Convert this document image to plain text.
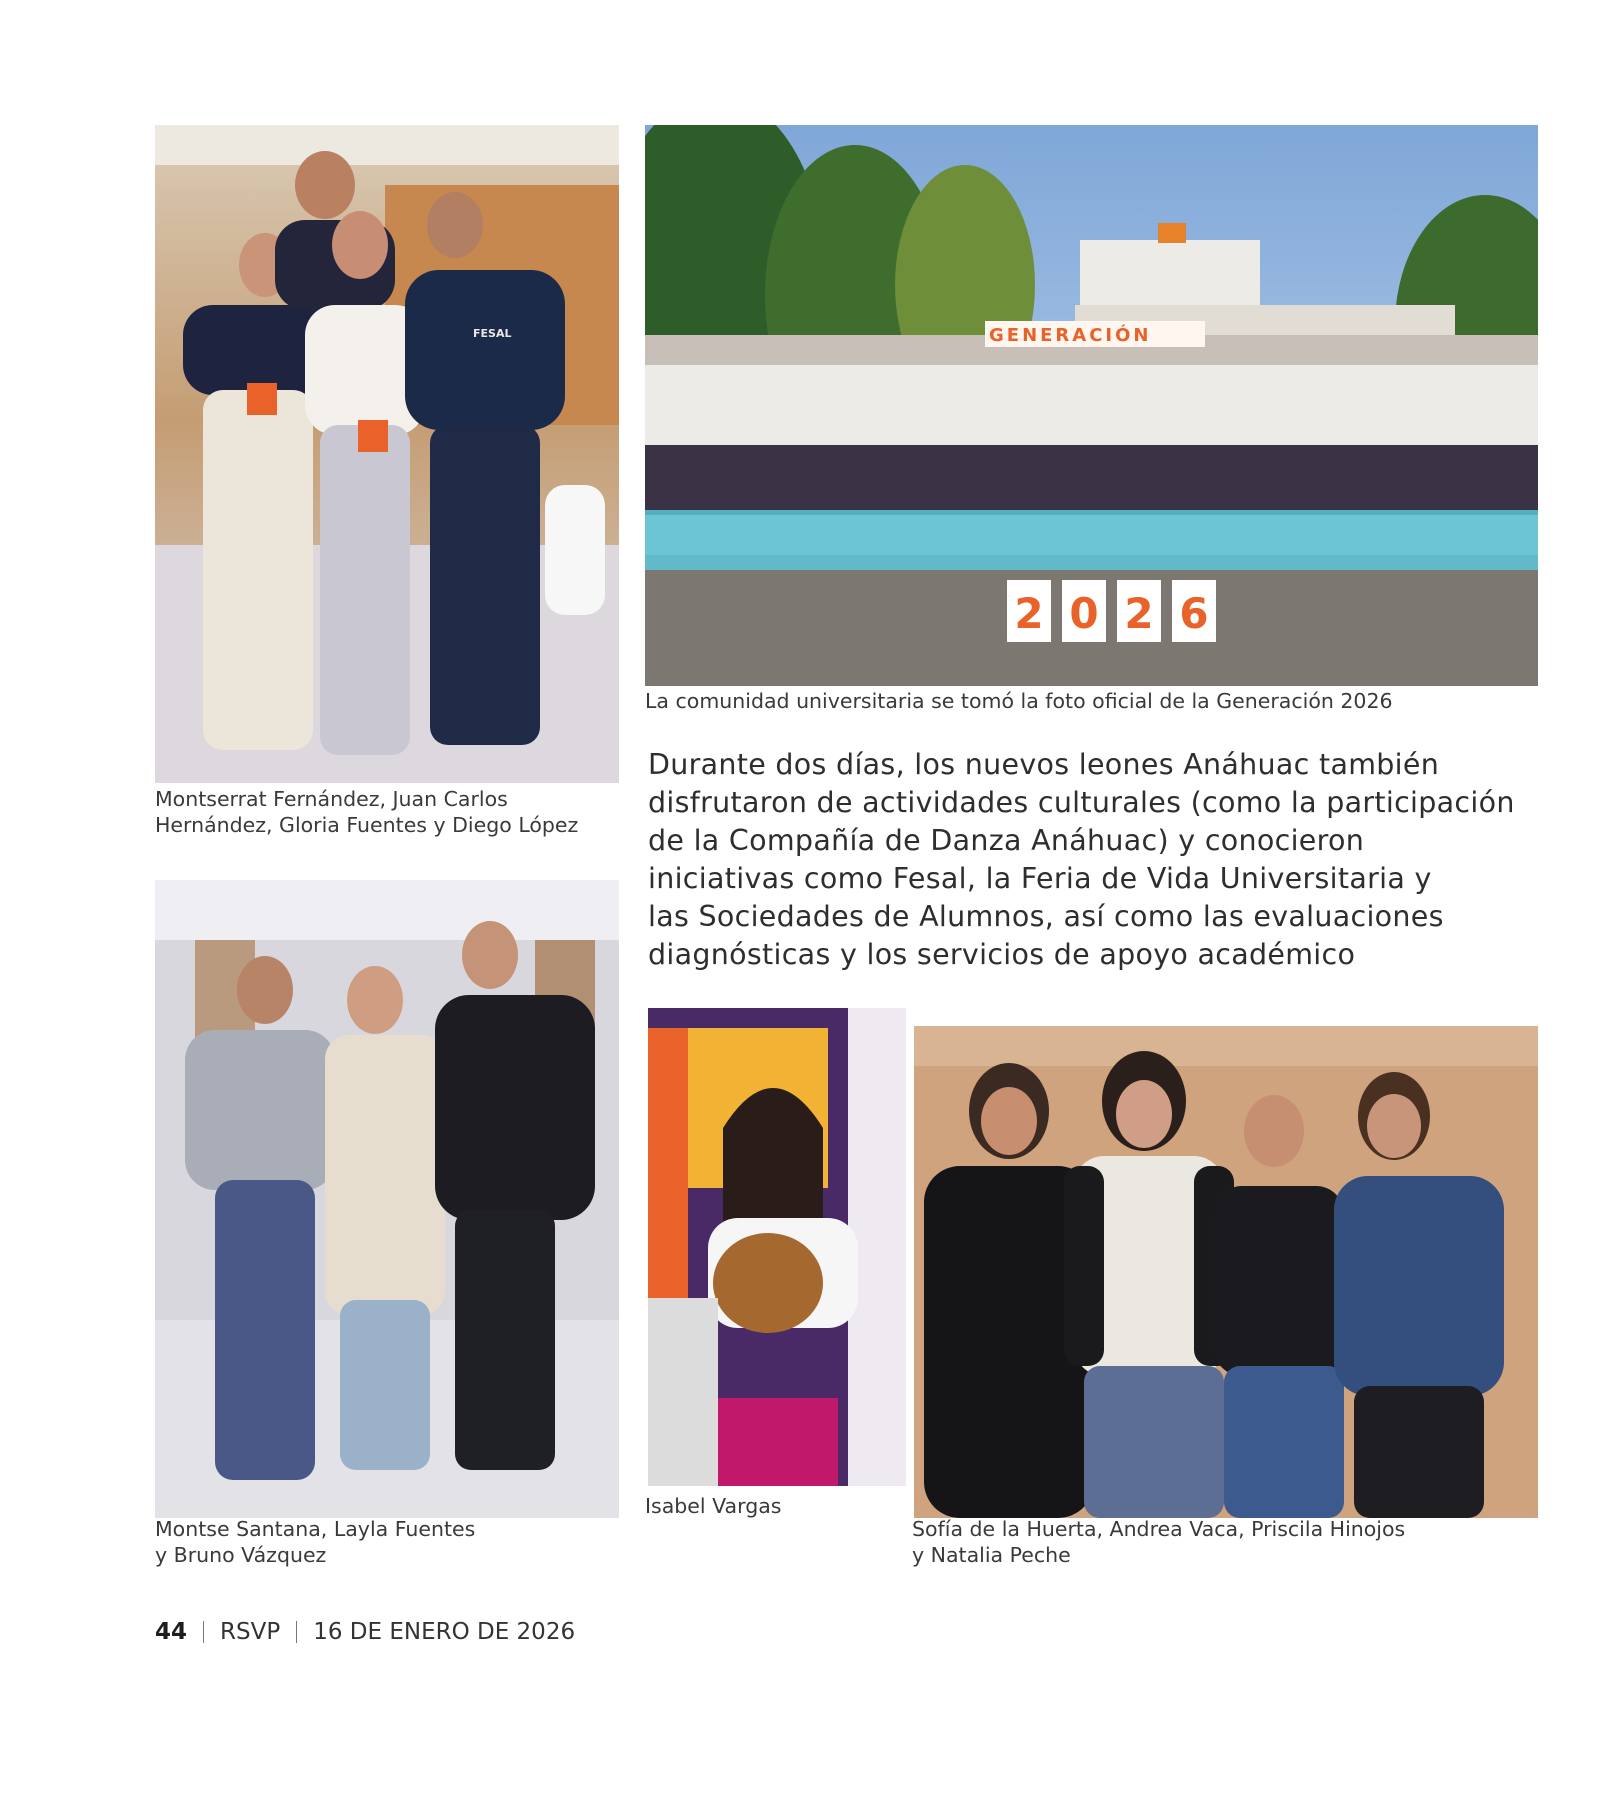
FESAL

Montserrat Fernández, Juan Carlos
Hernández, Gloria Fuentes y Diego López

GENERACIÓN
2 0 2 6

La comunidad universitaria se tomó la foto oficial de la Generación 2026

Durante dos días, los nuevos leones Anáhuac también
disfrutaron de actividades culturales (como la participación
de la Compañía de Danza Anáhuac) y conocieron
iniciativas como Fesal, la Feria de Vida Universitaria y
las Sociedades de Alumnos, así como las evaluaciones
diagnósticas y los servicios de apoyo académico

Montse Santana, Layla Fuentes
y Bruno Vázquez

Isabel Vargas

Sofía de la Huerta, Andrea Vaca, Priscila Hinojos
y Natalia Peche

44 RSVP 16 DE ENERO DE 2026
